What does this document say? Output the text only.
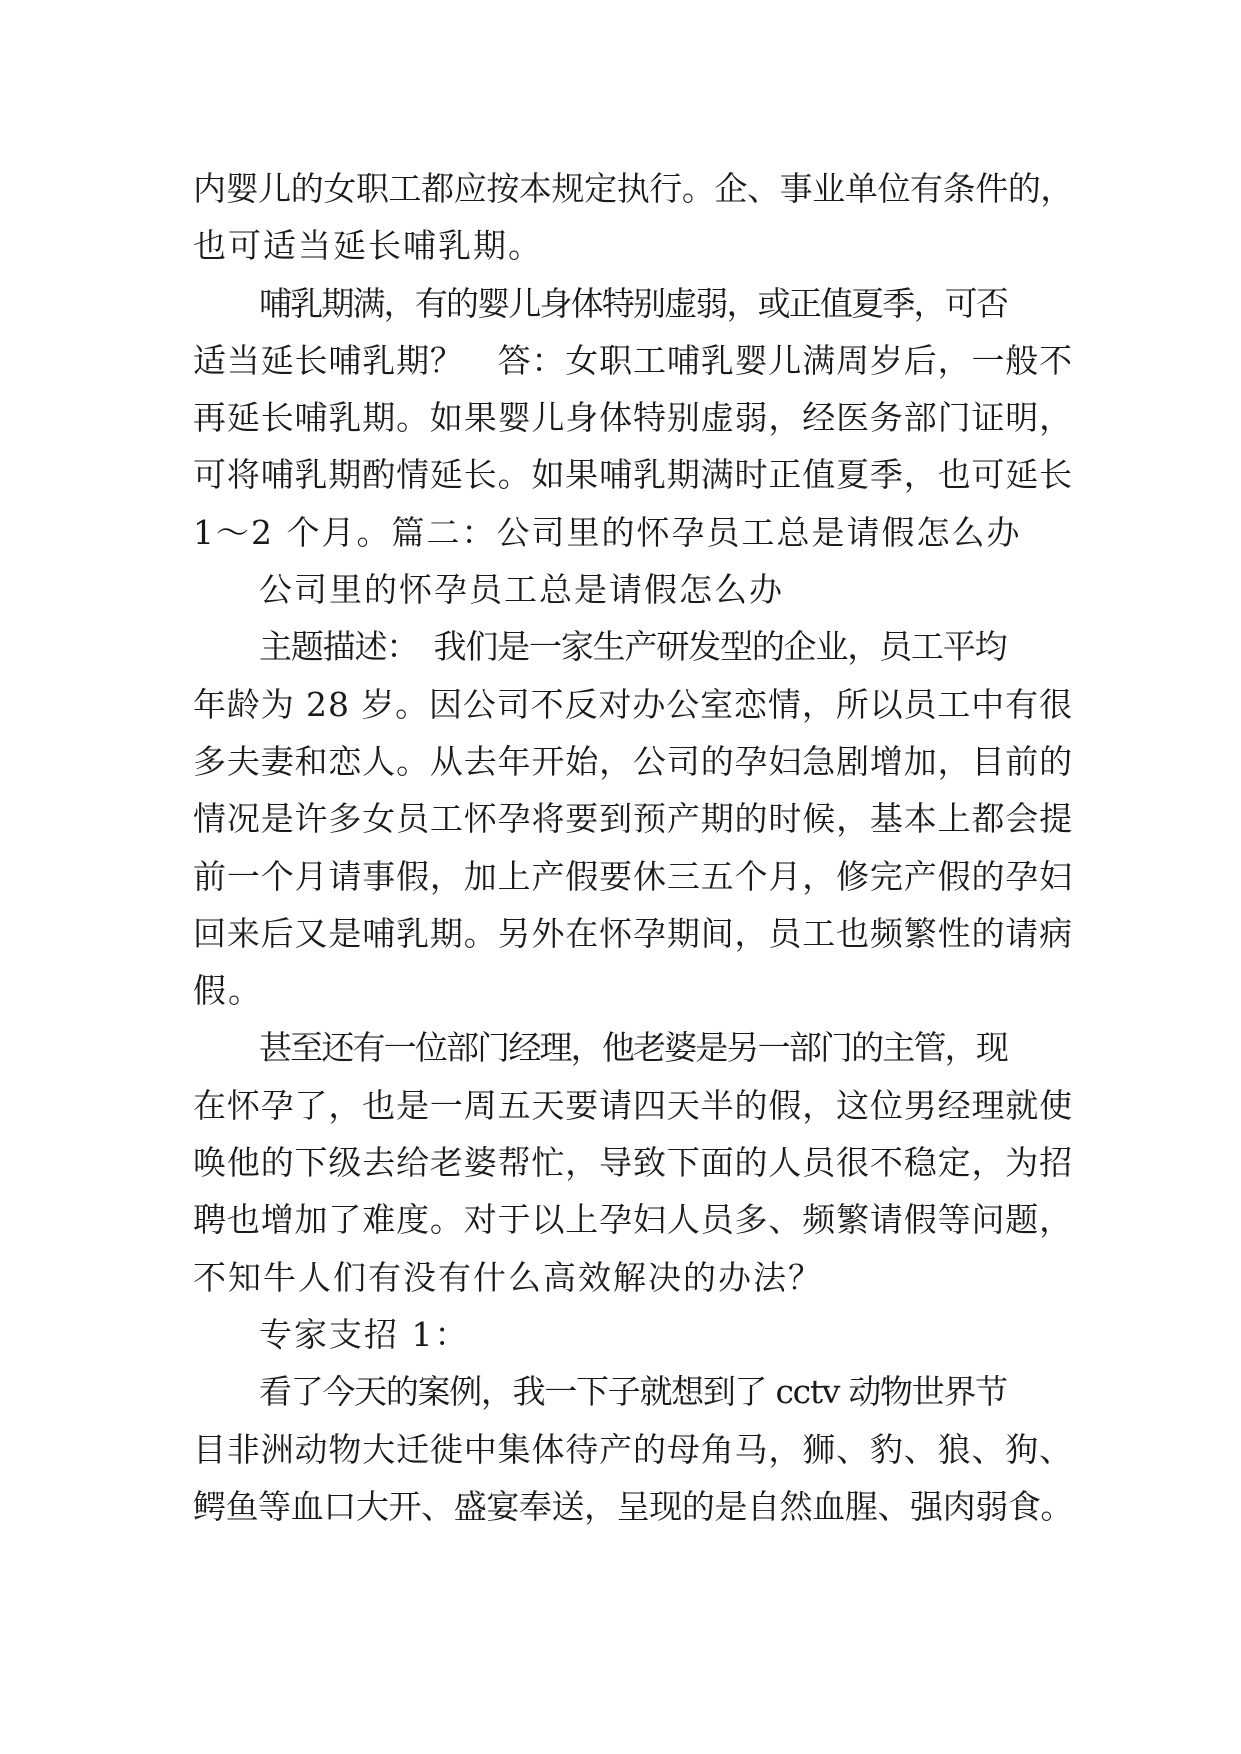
内婴儿的女职工都应按本规定执行。企、事业单位有条件的，
也可适当延长哺乳期。

哺乳期满，有的婴儿身体特别虚弱，或正值夏季，可否
适当延长哺乳期？　答：女职工哺乳婴儿满周岁后，一般不
再延长哺乳期。如果婴儿身体特别虚弱，经医务部门证明，
可将哺乳期酌情延长。如果哺乳期满时正值夏季，也可延长
1～2 个月。篇二：公司里的怀孕员工总是请假怎么办

公司里的怀孕员工总是请假怎么办

主题描述：　我们是一家生产研发型的企业，员工平均
年龄为 28 岁。因公司不反对办公室恋情，所以员工中有很
多夫妻和恋人。从去年开始，公司的孕妇急剧增加，目前的
情况是许多女员工怀孕将要到预产期的时候，基本上都会提
前一个月请事假，加上产假要休三五个月，修完产假的孕妇
回来后又是哺乳期。另外在怀孕期间，员工也频繁性的请病
假。

甚至还有一位部门经理，他老婆是另一部门的主管，现
在怀孕了，也是一周五天要请四天半的假，这位男经理就使
唤他的下级去给老婆帮忙，导致下面的人员很不稳定，为招
聘也增加了难度。对于以上孕妇人员多、频繁请假等问题，
不知牛人们有没有什么高效解决的办法？

专家支招 1：

看了今天的案例，我一下子就想到了 cctv 动物世界节
目非洲动物大迁徙中集体待产的母角马，狮、豹、狼、狗、
鳄鱼等血口大开、盛宴奉送，呈现的是自然血腥、强肉弱食。
